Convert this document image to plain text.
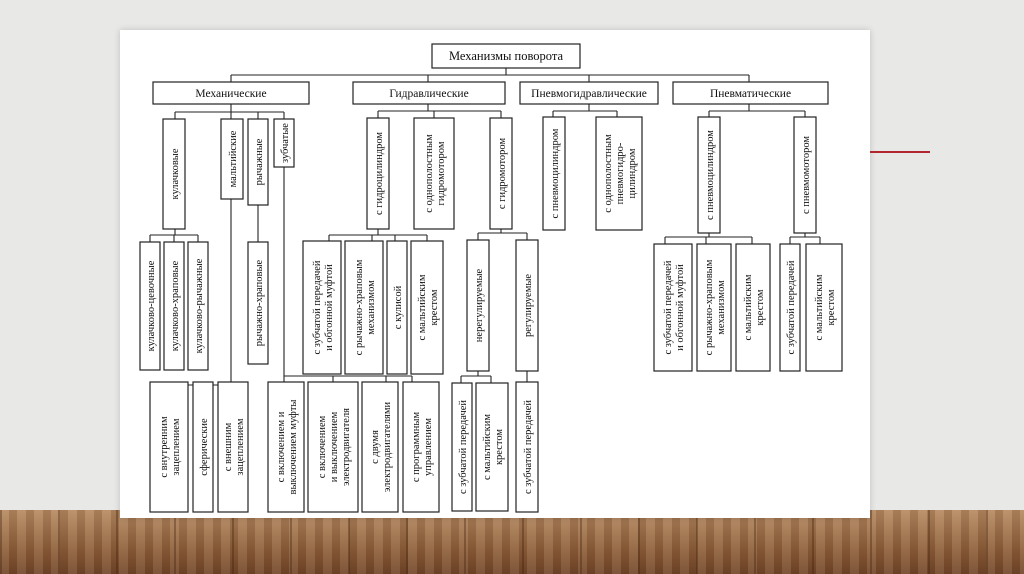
Механизмы поворота
Механические	Гидравлические	Пневмогидравлические	Пневматические
кулачковые	мальтийские рычажные зубчатые
кулачково-цевочные кулачково-храповые кулачково-рычажные	рычажно-храповые
с внутреннимзацеплением сферические с внешнимзацеплением	с включением ивыключением муфты с включениеми выключениемэлектродвигателя с двумяэлектродвигателями с программнымуправлением
с гидроцилиндром	с однополостнымгидромотором	с гидромотором
с зубчатой передачейи обгонной муфтой с рычажно-храповыммеханизмом с кулисой с мальтийскимкрестом	нерегулируемые	регулируемые
с зубчатой передачей с мальтийскимкрестом с зубчатой передачей
с пневмоцилиндром	с однополостнымпневмогидро-цилиндром	с пневмоцилиндром	с пневмомотором
с зубчатой передачейи обгонной муфтой с рычажно-храповыммеханизмом с мальтийскимкрестом с зубчатой передачей с мальтийскимкрестом
